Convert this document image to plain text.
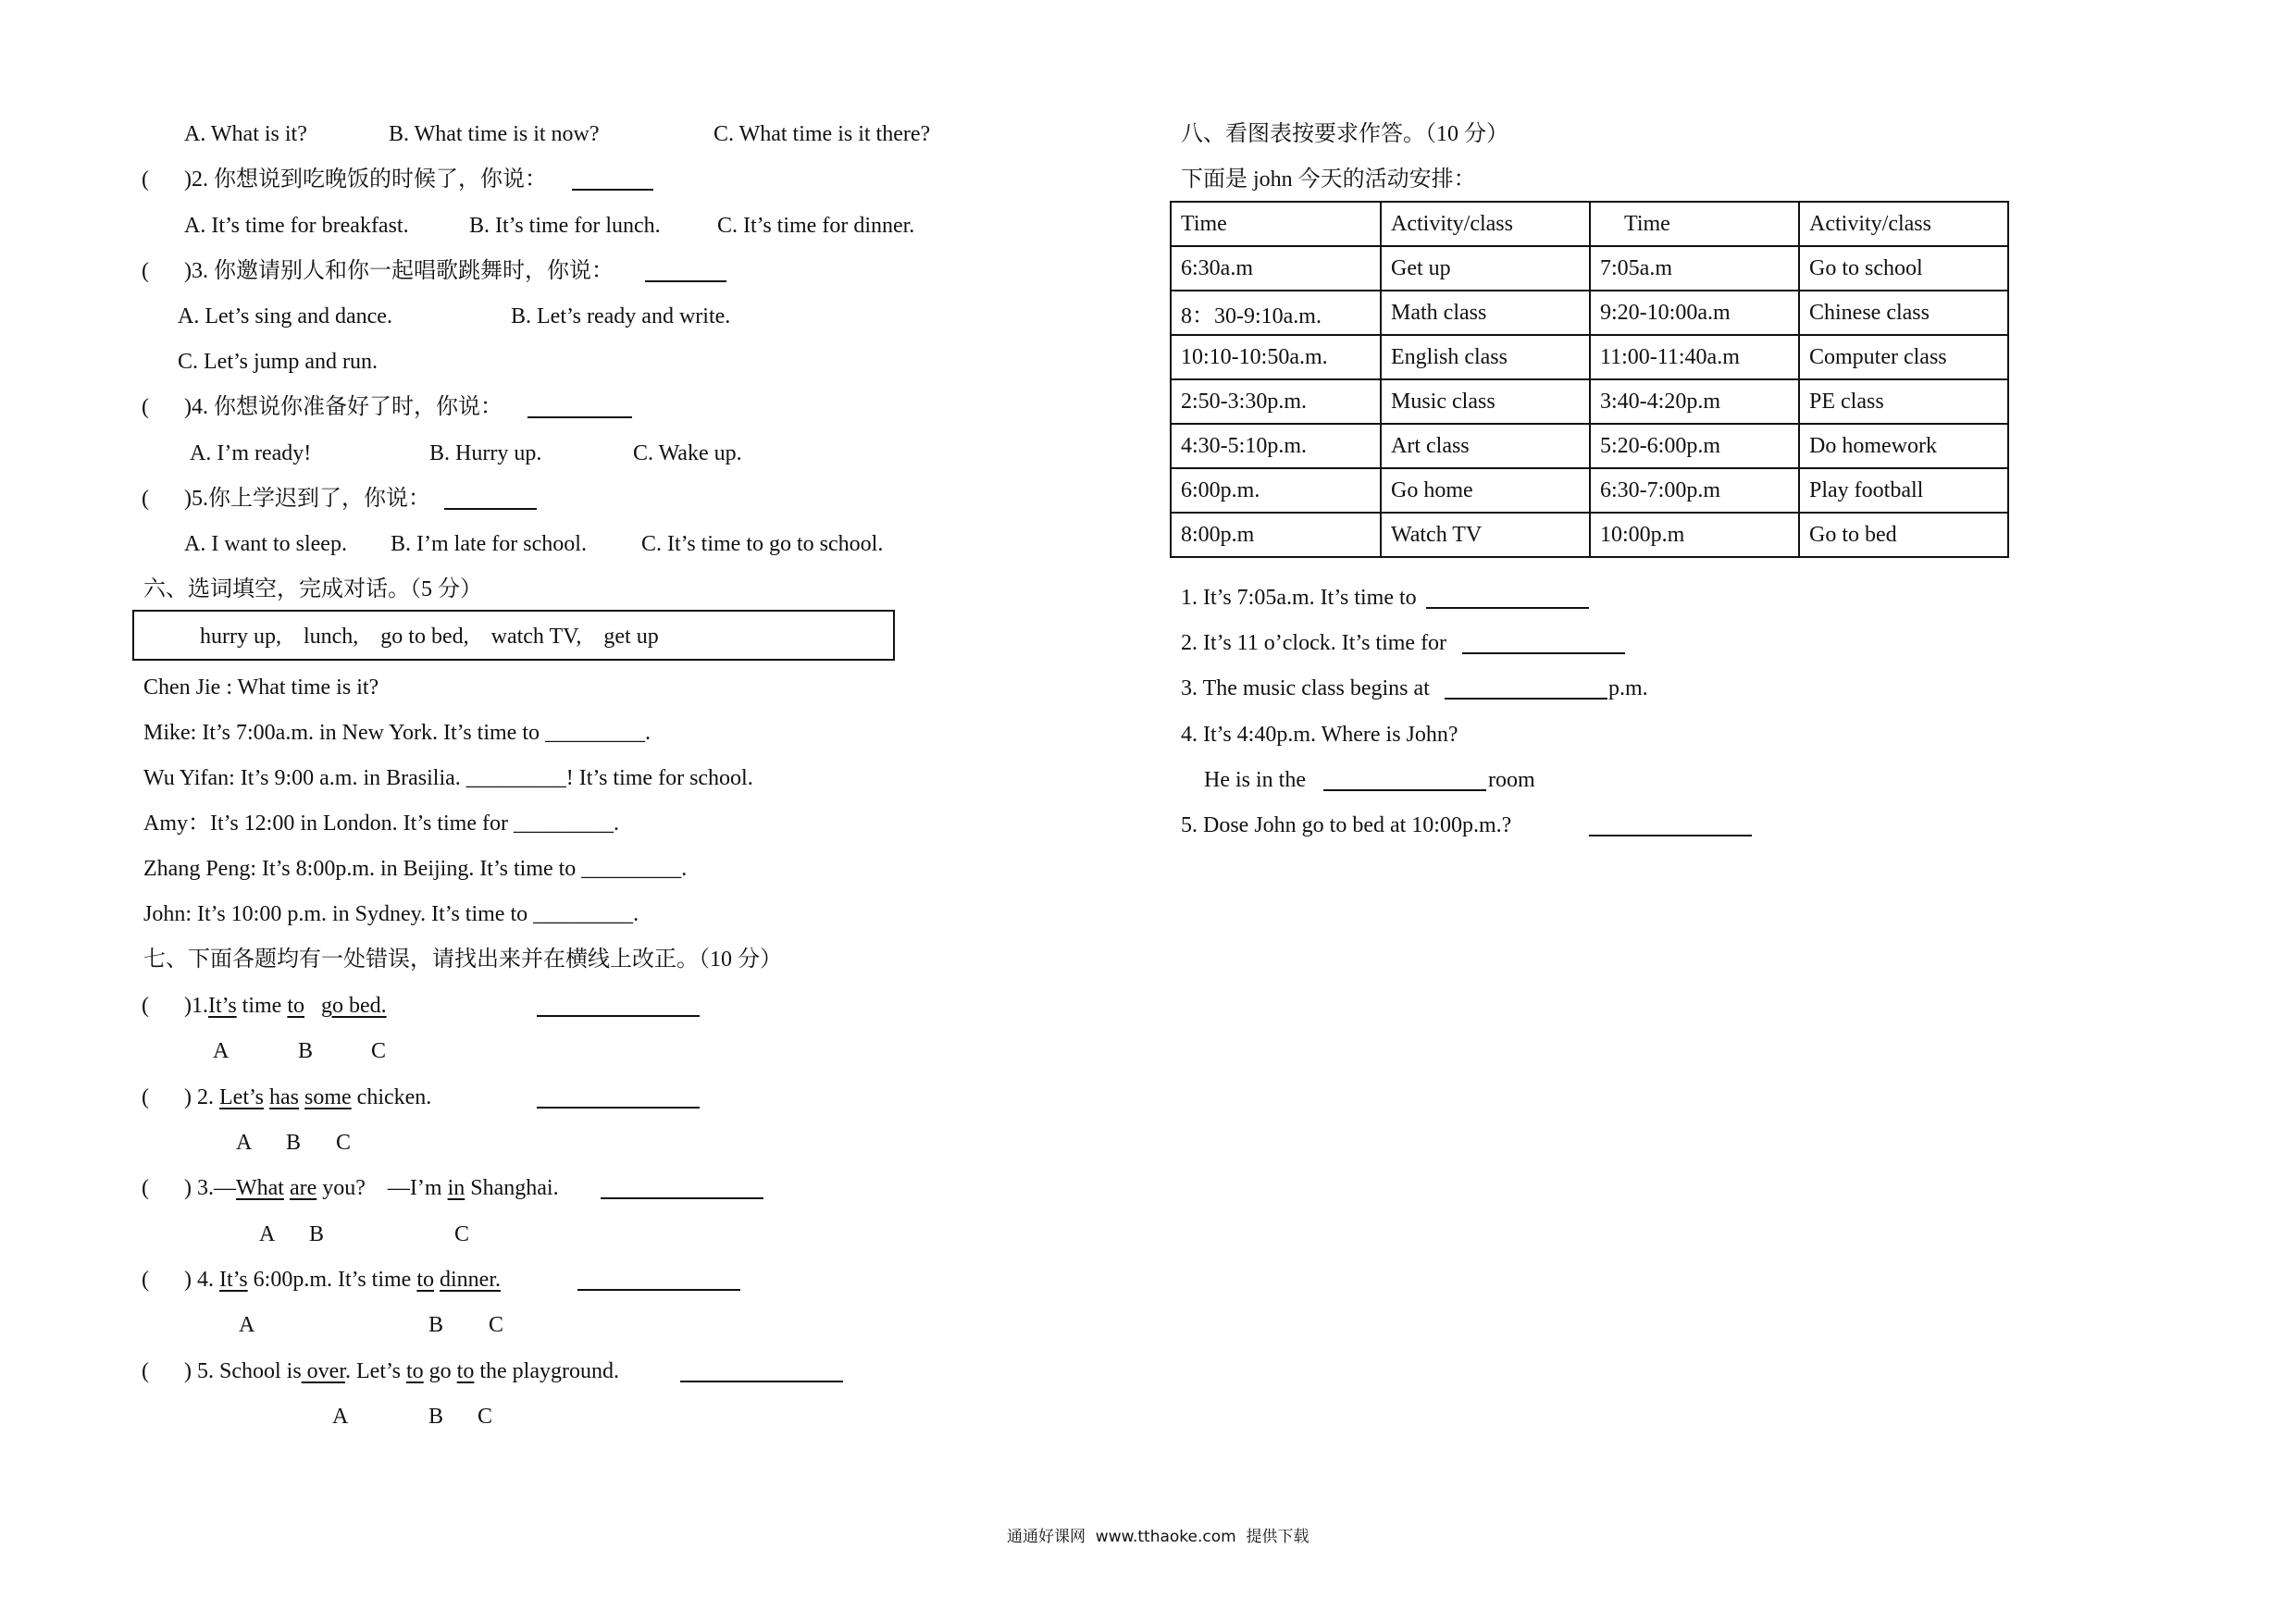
A. What is it?	B. What time is it now?	C. What time is it there?
( )2. 你想说到吃晚饭的时候了，你说：
A. It’s time for breakfast.	B. It’s time for lunch.	C. It’s time for dinner.
( )3. 你邀请别人和你一起唱歌跳舞时，你说：
A. Let’s sing and dance.	B. Let’s ready and write.
C. Let’s jump and run.
( )4. 你想说你准备好了时，你说：
A. I’m ready!	B. Hurry up.	C. Wake up.
( )5.你上学迟到了，你说：
A. I want to sleep. B. I’m late for school. C. It’s time to go to school.
六、选词填空，完成对话。（5 分）
hurry up,    lunch,    go to bed,    watch TV,    get up
Chen Jie : What time is it?
Mike: It’s 7:00a.m. in New York. It’s time to _________.
Wu Yifan: It’s 9:00 a.m. in Brasilia. _________! It’s time for school.
Amy：It’s 12:00 in London. It’s time for _________.
Zhang Peng: It’s 8:00p.m. in Beijing. It’s time to _________.
John: It’s 10:00 p.m. in Sydney. It’s time to _________.
七、下面各题均有一处错误，请找出来并在横线上改正。（10 分）
( )1.It’s time to go bed.
A	B	C
( ) 2. Let’s has some chicken.
A B C
( ) 3.—What are you?    —I’m in Shanghai.
A B	C
( ) 4. It’s 6:00p.m. It’s time to dinner.
A	B C
( ) 5. School is over. Let’s to go to the playground.
A	B C
八、看图表按要求作答。（10 分）
下面是 john 今天的活动安排：
Time	Activity/class	Time	Activity/class
6:30a.m	Get up	7:05a.m	Go to school
8：30-9:10a.m.	Math class	9:20-10:00a.m	Chinese class
10:10-10:50a.m.	English class	11:00-11:40a.m	Computer class
2:50-3:30p.m.	Music class	3:40-4:20p.m	PE class
4:30-5:10p.m.	Art class	5:20-6:00p.m	Do homework
6:00p.m.	Go home	6:30-7:00p.m	Play football
8:00p.m	Watch TV	10:00p.m	Go to bed
1. It’s 7:05a.m. It’s time to
2. It’s 11 o’clock. It’s time for
3. The music class begins at	p.m.
4. It’s 4:40p.m. Where is John?
He is in the	room
5. Dose John go to bed at 10:00p.m.?
通通好课网  www.tthaoke.com  提供下载
